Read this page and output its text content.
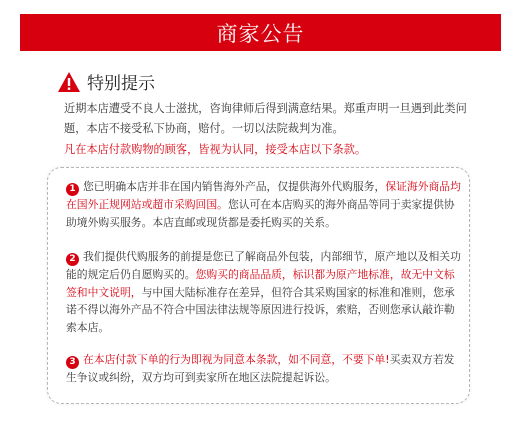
商家公告
特别提示

近期本店遭受不良人士滋扰，咨询律师后得到满意结果。郑重声明一旦遇到此类问题，本店不接受私下协商，赔付。一切以法院裁判为准。

凡在本店付款购物的顾客，皆视为认同，接受本店以下条款。

1 您已明确本店并非在国内销售海外产品，仅提供海外代购服务，保证海外商品均在国外正规网站或超市采购回国。您认可在本店购买的海外商品等同于卖家提供协助境外购买服务。本店直邮或现货都是委托购买的关系。

2 我们提供代购服务的前提是您已了解商品外包装，内部细节，原产地以及相关功能的规定后仍自愿购买的。您购买的商品品质，标识都为原产地标准，故无中文标签和中文说明，与中国大陆标准存在差异，但符合其采购国家的标准和准则，您承诺不得以海外产品不符合中国法律法规等原因进行投诉，索赔，否则您承认敲诈勒索本店。

3 在本店付款下单的行为即视为同意本条款，如不同意，不要下单!买卖双方若发生争议或纠纷，双方均可到卖家所在地区法院提起诉讼。
